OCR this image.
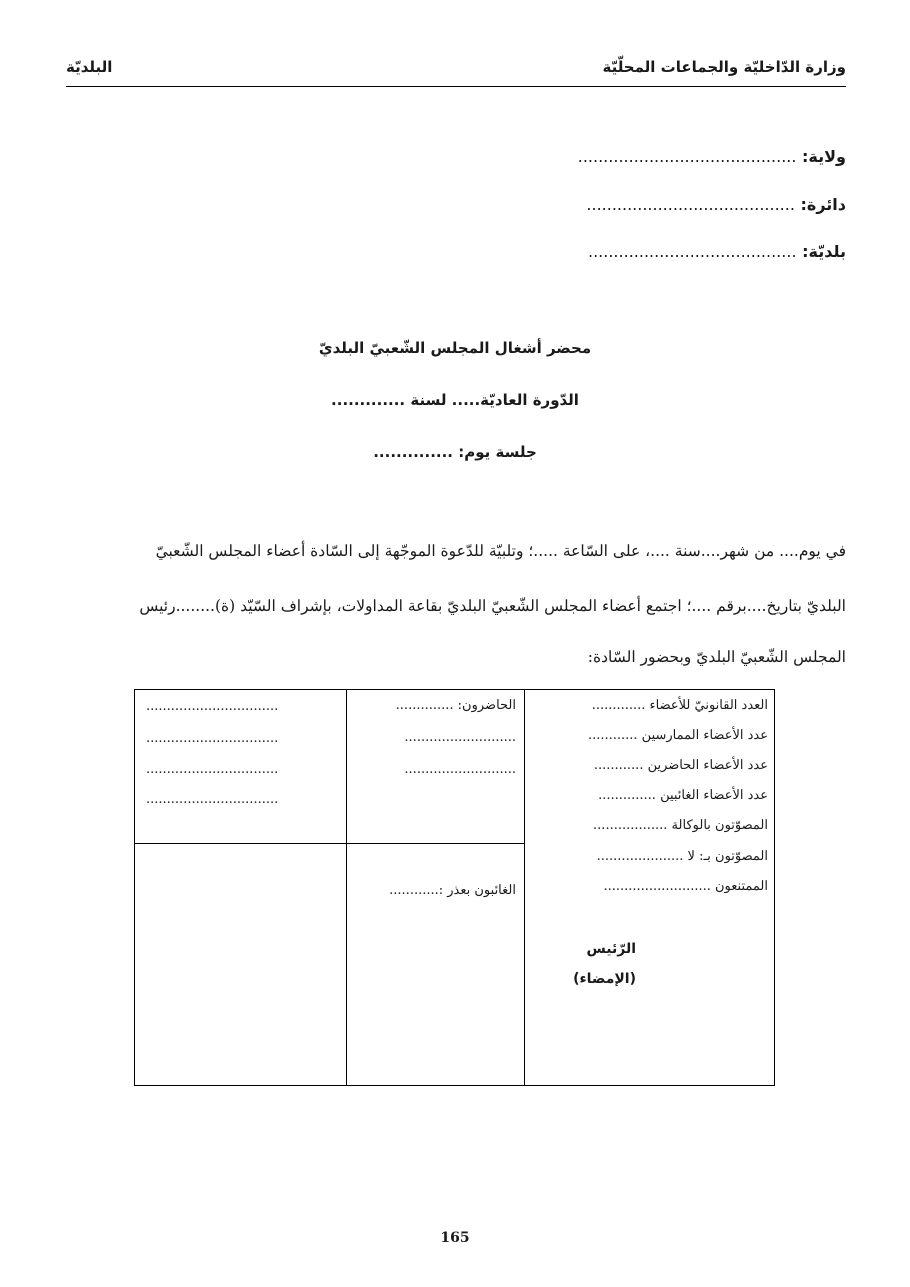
وزارة الدّاخليّة والجماعات المحلّيّة
البلديّة
ولاية: ...........................................
دائرة: .........................................
بلديّة: .........................................
محضر أشغال المجلس الشّعبيّ البلديّ
الدّورة العاديّة..... لسنة .............
جلسة يوم: ..............
في يوم.... من شهر....سنة ....، على السّاعة .....؛ وتلبيّة للدّعوة الموجّهة إلى السّادة أعضاء المجلس الشّعبيّ
البلديّ بتاريخ....برقم ....؛ اجتمع أعضاء المجلس الشّعبيّ البلديّ بقاعة المداولات، بإشراف السّيّد (ة)........رئيس
المجلس الشّعبيّ البلديّ وبحضور السّادة:
العدد القانونيّ للأعضاء .............
عدد الأعضاء الممارسين ............
عدد الأعضاء الحاضرين ............
عدد الأعضاء الغائبين ..............
المصوّتون بالوكالة ..................
المصوّتون بـ: لا .....................
الممتنعون ..........................
الرّئيس
(الإمضاء)
الحاضرون: ..............
...........................
...........................
الغائبون بعذر :............
................................
................................
................................
................................
165
